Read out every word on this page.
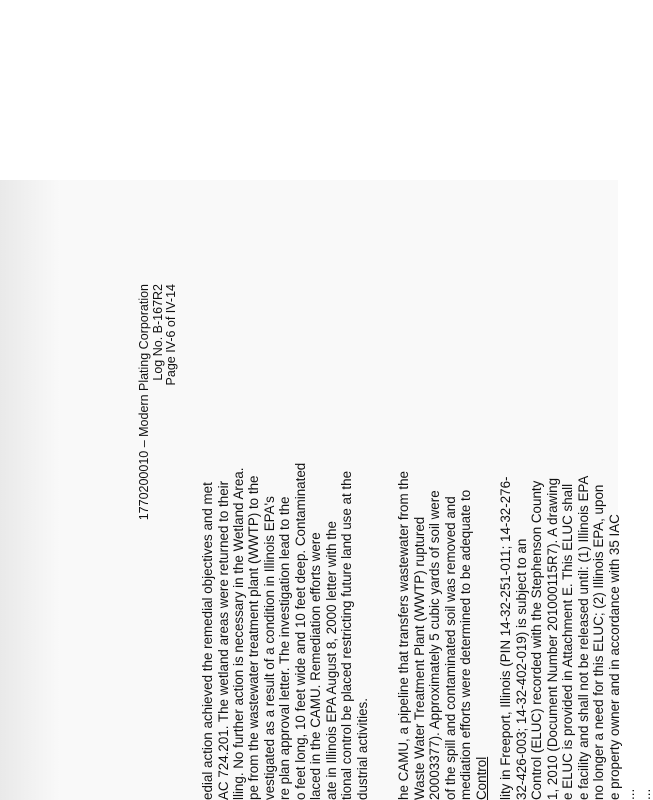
1770200010 – Modern Plating Corporation Log No. B-167R2 Page IV-6 of IV-14
edial action achieved the remedial objectives and met AC 724.201. The wetland areas were returned to their lling. No further action is necessary in the Wetland Area. pe from the wastewater treatment plant (WWTP) to the vestigated as a result of a condition in Illinois EPA's re plan approval letter. The investigation lead to the o feet long, 10 feet wide and 10 feet deep. Contaminated laced in the CAMU. Remediation efforts were ate in Illinois EPA August 8, 2000 letter with the tional control be placed restricting future land use at the dustrial activities. he CAMU, a pipeline that transfers wastewater from the Waste Water Treatment Plant (WWTP) ruptured 20003377). Approximately 5 cubic yards of soil were of the spill and contaminated soil was removed and mediation efforts were determined to be adequate to Control lity in Freeport, Illinois (PIN 14-32-251-011; 14-32-276- 32-426-003; 14-32-402-019) is subject to an Control (ELUC) recorded with the Stephenson County 1, 2010 (Document Number 201000115R7). A drawing e ELUC is provided in Attachment E. This ELUC shall e facility and shall not be released until: (1) Illinois EPA no longer a need for this ELUC; (2) Illinois EPA, upon e property owner and in accordance with 35 IAC ... ...
